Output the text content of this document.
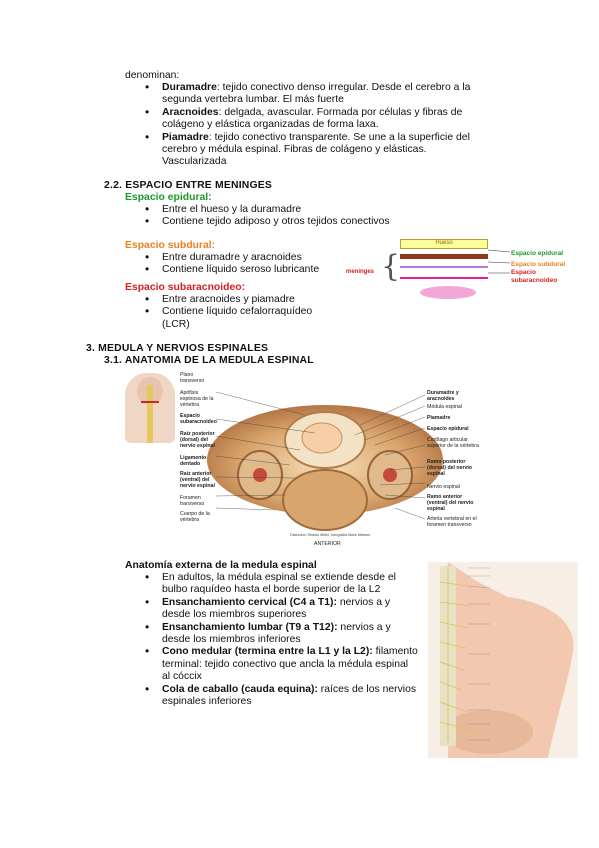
denominan:
• Duramadre: tejido conectivo denso irregular. Desde el cerebro a la segunda vertebra lumbar. El más fuerte
• Aracnoides: delgada, avascular. Formada por células y fibras de colágeno y elástica organizadas de forma laxa.
• Piamadre: tejido conectivo transparente. Se une a la superficie del cerebro y médula espinal. Fibras de colágeno y elásticas. Vascularizada
2.2. ESPACIO ENTRE MENINGES
Espacio epidural:
• Entre el hueso y la duramadre
• Contiene tejido adiposo y otros tejidos conectivos
Espacio subdural:
• Entre duramadre y aracnoides
• Contiene líquido seroso lubricante
Espacio subaracnoideo:
• Entre aracnoides y piamadre
• Contiene líquido cefalorraquídeo (LCR)
Hueso
{
meninges
Espacio epidural
Espacio subdural
Espacio subaracnoideo
3. MEDULA Y NERVIOS ESPINALES
3.1. ANATOMIA DE LA MEDULA ESPINAL
Plano transverso
Apófisis espinosa de la vértebra
Espacio subaracnoideo
Raíz posterior (dorsal) del nervio espinal
Ligamento dentado
Raíz anterior (ventral) del nervio espinal
Foramen transverso
Cuerpo de la vértebra
Duramadre y aracnoides
Médula espinal
Piamadre
Espacio epidural
Cartílago articular superior de la vértebra
Ramo posterior (dorsal) del nervio espinal
Nervio espinal
Ramo anterior (ventral) del nervio espinal
Arteria vertebral en el foramen transverso
Disección Shawn Miller, fotografía Mark Nielsen
ANTERIOR
Anatomía externa de la medula espinal
• En adultos, la médula espinal se extiende desde el bulbo raquídeo hasta el borde superior de la L2
• Ensanchamiento cervical (C4 a T1): nervios a y desde los miembros superiores
• Ensanchamiento lumbar (T9 a T12): nervios a y desde los miembros inferiores
• Cono medular (termina entre la L1 y la L2): filamento terminal: tejido conectivo que ancla la médula espinal al cóccix
• Cola de caballo (cauda equina): raíces de los nervios espinales inferiores
